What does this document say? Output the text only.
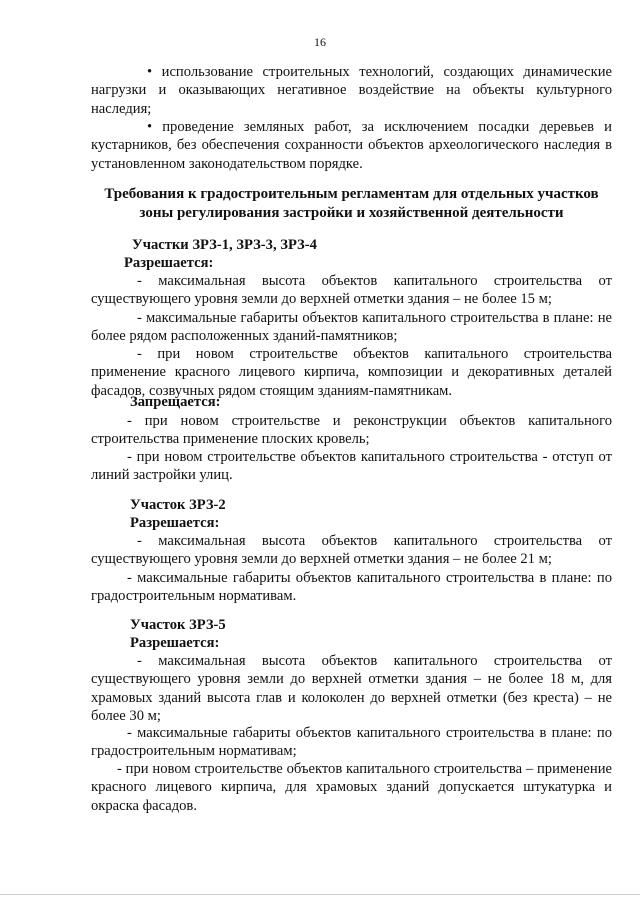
16

• использование строительных технологий, создающих динамические нагрузки и оказывающих негативное воздействие на объекты культурного наследия;

• проведение земляных работ, за исключением посадки деревьев и кустарников, без обеспечения сохранности объектов археологического наследия в установленном законодательством порядке.

Требования к градостроительным регламентам для отдельных участков зоны регулирования застройки и хозяйственной деятельности

Участки ЗРЗ-1, ЗРЗ-3, ЗРЗ-4

Разрешается:

- максимальная высота объектов капитального строительства от существующего уровня земли до верхней отметки здания – не более 15 м;

- максимальные габариты объектов капитального строительства в плане: не более рядом расположенных зданий-памятников;

- при новом строительстве объектов капитального строительства применение красного лицевого кирпича, композиции и декоративных деталей фасадов, созвучных рядом стоящим зданиям-памятникам.

Запрещается:

- при новом строительстве и реконструкции объектов капитального строительства применение плоских кровель;

- при новом строительстве объектов капитального строительства - отступ от линий застройки улиц.

Участок ЗРЗ-2

Разрешается:

- максимальная высота объектов капитального строительства от существующего уровня земли до верхней отметки здания – не более 21 м;

- максимальные габариты объектов капитального строительства в плане: по градостроительным нормативам.

Участок ЗРЗ-5

Разрешается:

- максимальная высота объектов капитального строительства от существующего уровня земли до верхней отметки здания – не более 18 м, для храмовых зданий высота глав и колоколен до верхней отметки (без креста) – не более 30 м;

- максимальные габариты объектов капитального строительства в плане: по градостроительным нормативам;

- при новом строительстве объектов капитального строительства – применение красного лицевого кирпича, для храмовых зданий допускается штукатурка и окраска фасадов.
